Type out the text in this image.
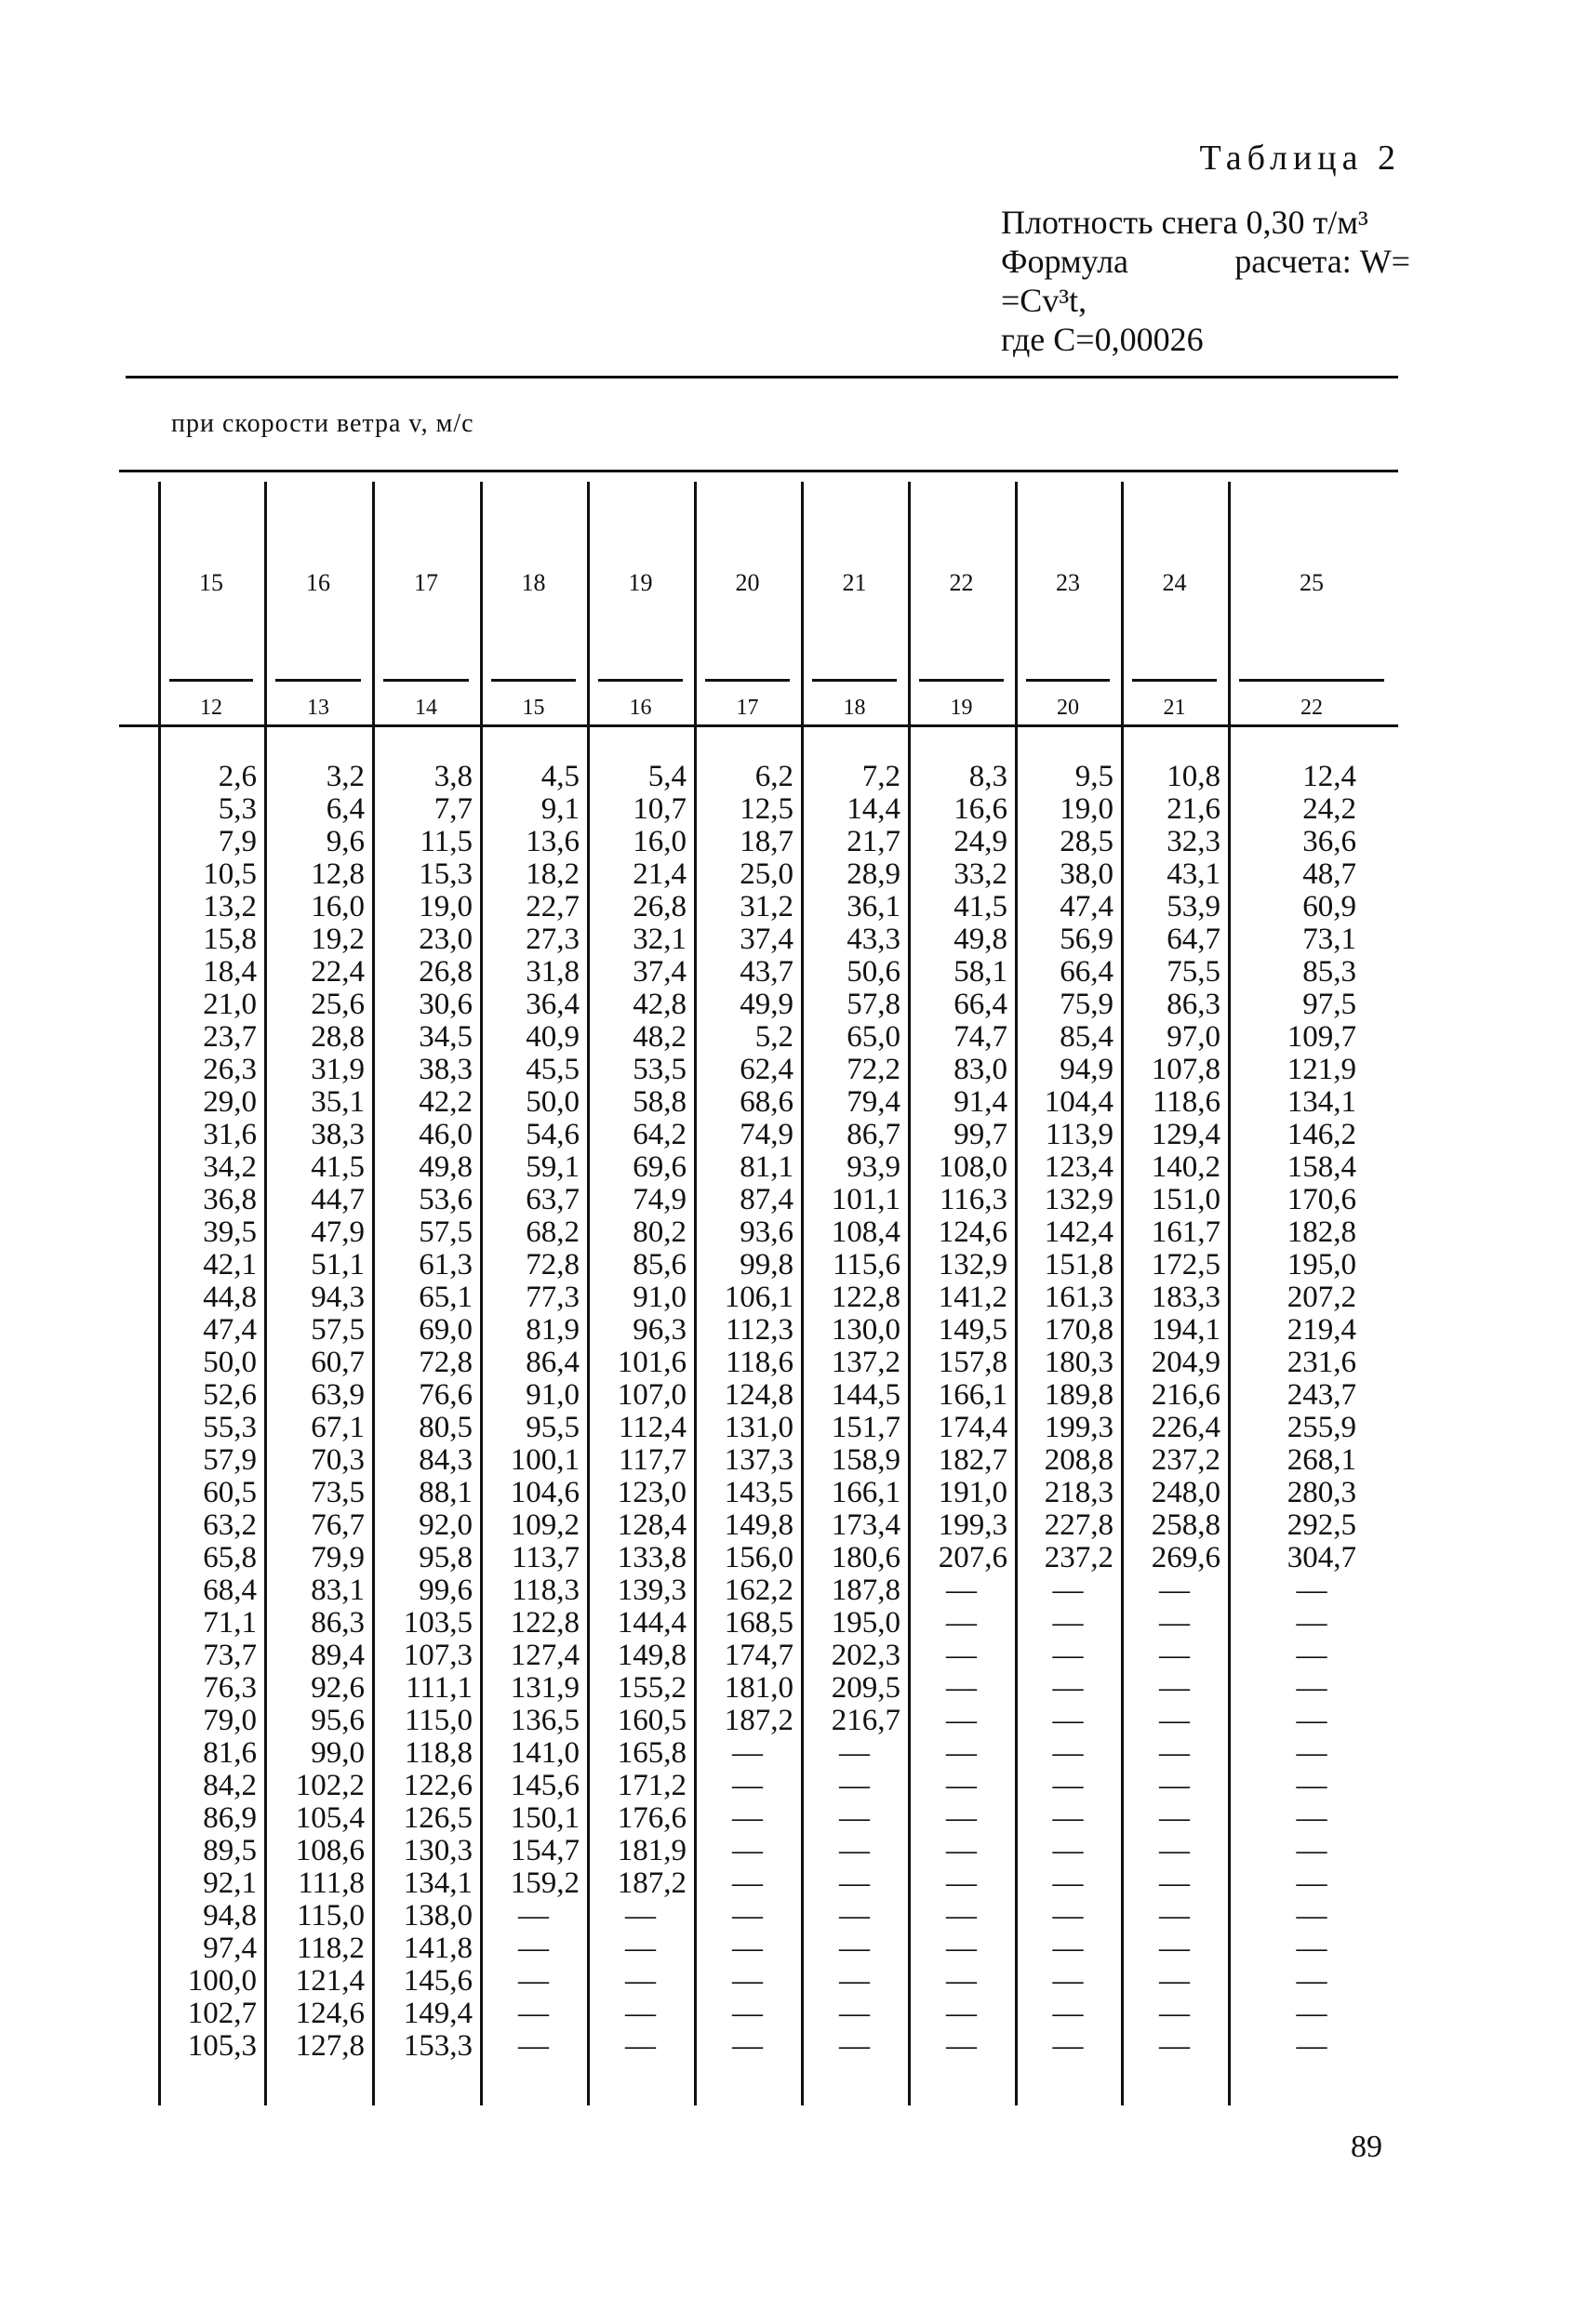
Таблица 2
Плотность снега 0,30 т/м³
Формула	расчета: W=
=Cv³t,
где C=0,00026
при скорости ветра v, м/с
15
12
2,6
5,3
7,9
10,5
13,2
15,8
18,4
21,0
23,7
26,3
29,0
31,6
34,2
36,8
39,5
42,1
44,8
47,4
50,0
52,6
55,3
57,9
60,5
63,2
65,8
68,4
71,1
73,7
76,3
79,0
81,6
84,2
86,9
89,5
92,1
94,8
97,4
100,0
102,7
105,3
16
13
3,2
6,4
9,6
12,8
16,0
19,2
22,4
25,6
28,8
31,9
35,1
38,3
41,5
44,7
47,9
51,1
94,3
57,5
60,7
63,9
67,1
70,3
73,5
76,7
79,9
83,1
86,3
89,4
92,6
95,6
99,0
102,2
105,4
108,6
111,8
115,0
118,2
121,4
124,6
127,8
17
14
3,8
7,7
11,5
15,3
19,0
23,0
26,8
30,6
34,5
38,3
42,2
46,0
49,8
53,6
57,5
61,3
65,1
69,0
72,8
76,6
80,5
84,3
88,1
92,0
95,8
99,6
103,5
107,3
111,1
115,0
118,8
122,6
126,5
130,3
134,1
138,0
141,8
145,6
149,4
153,3
18
15
4,5
9,1
13,6
18,2
22,7
27,3
31,8
36,4
40,9
45,5
50,0
54,6
59,1
63,7
68,2
72,8
77,3
81,9
86,4
91,0
95,5
100,1
104,6
109,2
113,7
118,3
122,8
127,4
131,9
136,5
141,0
145,6
150,1
154,7
159,2
—
—
—
—
—
19
16
5,4
10,7
16,0
21,4
26,8
32,1
37,4
42,8
48,2
53,5
58,8
64,2
69,6
74,9
80,2
85,6
91,0
96,3
101,6
107,0
112,4
117,7
123,0
128,4
133,8
139,3
144,4
149,8
155,2
160,5
165,8
171,2
176,6
181,9
187,2
—
—
—
—
—
20
17
6,2
12,5
18,7
25,0
31,2
37,4
43,7
49,9
5,2
62,4
68,6
74,9
81,1
87,4
93,6
99,8
106,1
112,3
118,6
124,8
131,0
137,3
143,5
149,8
156,0
162,2
168,5
174,7
181,0
187,2
—
—
—
—
—
—
—
—
—
—
21
18
7,2
14,4
21,7
28,9
36,1
43,3
50,6
57,8
65,0
72,2
79,4
86,7
93,9
101,1
108,4
115,6
122,8
130,0
137,2
144,5
151,7
158,9
166,1
173,4
180,6
187,8
195,0
202,3
209,5
216,7
—
—
—
—
—
—
—
—
—
—
22
19
8,3
16,6
24,9
33,2
41,5
49,8
58,1
66,4
74,7
83,0
91,4
99,7
108,0
116,3
124,6
132,9
141,2
149,5
157,8
166,1
174,4
182,7
191,0
199,3
207,6
—
—
—
—
—
—
—
—
—
—
—
—
—
—
—
23
20
9,5
19,0
28,5
38,0
47,4
56,9
66,4
75,9
85,4
94,9
104,4
113,9
123,4
132,9
142,4
151,8
161,3
170,8
180,3
189,8
199,3
208,8
218,3
227,8
237,2
—
—
—
—
—
—
—
—
—
—
—
—
—
—
—
24
21
10,8
21,6
32,3
43,1
53,9
64,7
75,5
86,3
97,0
107,8
118,6
129,4
140,2
151,0
161,7
172,5
183,3
194,1
204,9
216,6
226,4
237,2
248,0
258,8
269,6
—
—
—
—
—
—
—
—
—
—
—
—
—
—
—
25
22
12,4
24,2
36,6
48,7
60,9
73,1
85,3
97,5
109,7
121,9
134,1
146,2
158,4
170,6
182,8
195,0
207,2
219,4
231,6
243,7
255,9
268,1
280,3
292,5
304,7
—
—
—
—
—
—
—
—
—
—
—
—
—
—
—
89
